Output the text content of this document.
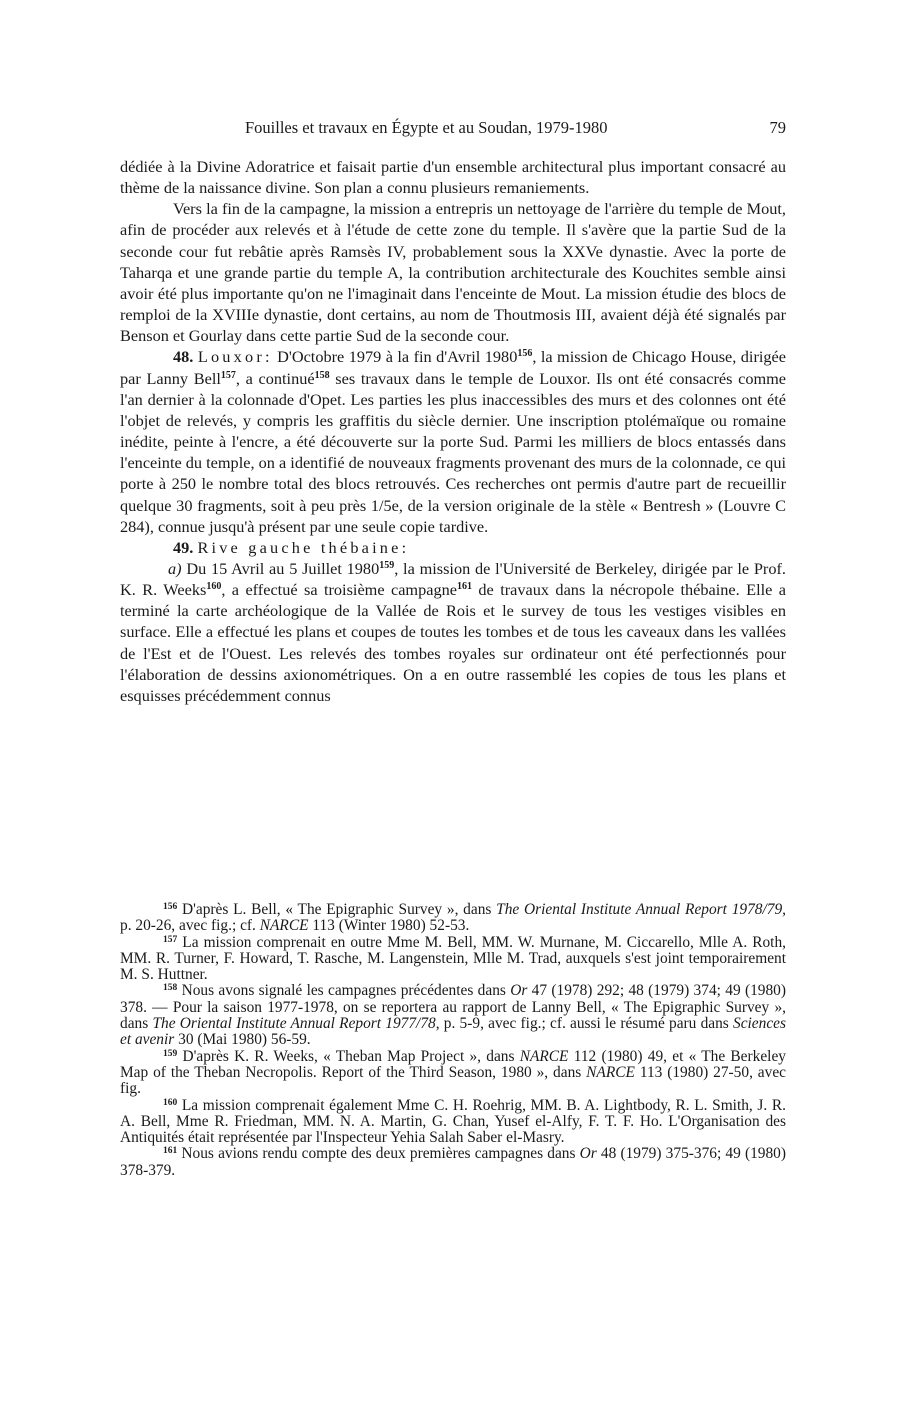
Fouilles et travaux en Égypte et au Soudan, 1979-1980	79

dédiée à la Divine Adoratrice et faisait partie d'un ensemble architectural plus important consacré au thème de la naissance divine. Son plan a connu plusieurs remaniements.

Vers la fin de la campagne, la mission a entrepris un nettoyage de l'arrière du temple de Mout, afin de procéder aux relevés et à l'étude de cette zone du temple. Il s'avère que la partie Sud de la seconde cour fut rebâtie après Ramsès IV, probablement sous la XXVe dynastie. Avec la porte de Taharqa et une grande partie du temple A, la contribution architecturale des Kouchites semble ainsi avoir été plus importante qu'on ne l'imaginait dans l'enceinte de Mout. La mission étudie des blocs de remploi de la XVIIIe dynastie, dont certains, au nom de Thoutmosis III, avaient déjà été signalés par Benson et Gourlay dans cette partie Sud de la seconde cour.

48. Louxor: D'Octobre 1979 à la fin d'Avril 1980$^{156}$, la mission de Chicago House, dirigée par Lanny Bell$^{157}$, a continué$^{158}$ ses travaux dans le temple de Louxor. Ils ont été consacrés comme l'an dernier à la colonnade d'Opet. Les parties les plus inaccessibles des murs et des colonnes ont été l'objet de relevés, y compris les graffitis du siècle dernier. Une inscription ptolémaïque ou romaine inédite, peinte à l'encre, a été découverte sur la porte Sud. Parmi les milliers de blocs entassés dans l'enceinte du temple, on a identifié de nouveaux fragments provenant des murs de la colonnade, ce qui porte à 250 le nombre total des blocs retrouvés. Ces recherches ont permis d'autre part de recueillir quelque 30 fragments, soit à peu près 1/5e, de la version originale de la stèle « Bentresh » (Louvre C 284), connue jusqu'à présent par une seule copie tardive.

49. Rive gauche thébaine:

a) Du 15 Avril au 5 Juillet 1980$^{159}$, la mission de l'Université de Berkeley, dirigée par le Prof. K. R. Weeks$^{160}$, a effectué sa troisième campagne$^{161}$ de travaux dans la nécropole thébaine. Elle a terminé la carte archéologique de la Vallée de Rois et le survey de tous les vestiges visibles en surface. Elle a effectué les plans et coupes de toutes les tombes et de tous les caveaux dans les vallées de l'Est et de l'Ouest. Les relevés des tombes royales sur ordinateur ont été perfectionnés pour l'élaboration de dessins axionométriques. On a en outre rassemblé les copies de tous les plans et esquisses précédemment connus

$^{156}$ D'après L. Bell, « The Epigraphic Survey », dans The Oriental Institute Annual Report 1978/79, p. 20-26, avec fig.; cf. NARCE 113 (Winter 1980) 52-53.

$^{157}$ La mission comprenait en outre Mme M. Bell, MM. W. Murnane, M. Ciccarello, Mlle A. Roth, MM. R. Turner, F. Howard, T. Rasche, M. Langenstein, Mlle M. Trad, auxquels s'est joint temporairement M. S. Huttner.

$^{158}$ Nous avons signalé les campagnes précédentes dans Or 47 (1978) 292; 48 (1979) 374; 49 (1980) 378. — Pour la saison 1977-1978, on se reportera au rapport de Lanny Bell, « The Epigraphic Survey », dans The Oriental Institute Annual Report 1977/78, p. 5-9, avec fig.; cf. aussi le résumé paru dans Sciences et avenir 30 (Mai 1980) 56-59.

$^{159}$ D'après K. R. Weeks, « Theban Map Project », dans NARCE 112 (1980) 49, et « The Berkeley Map of the Theban Necropolis. Report of the Third Season, 1980 », dans NARCE 113 (1980) 27-50, avec fig.

$^{160}$ La mission comprenait également Mme C. H. Roehrig, MM. B. A. Lightbody, R. L. Smith, J. R. A. Bell, Mme R. Friedman, MM. N. A. Martin, G. Chan, Yusef el-Alfy, F. T. F. Ho. L'Organisation des Antiquités était représentée par l'Inspecteur Yehia Salah Saber el-Masry.

$^{161}$ Nous avions rendu compte des deux premières campagnes dans Or 48 (1979) 375-376; 49 (1980) 378-379.
